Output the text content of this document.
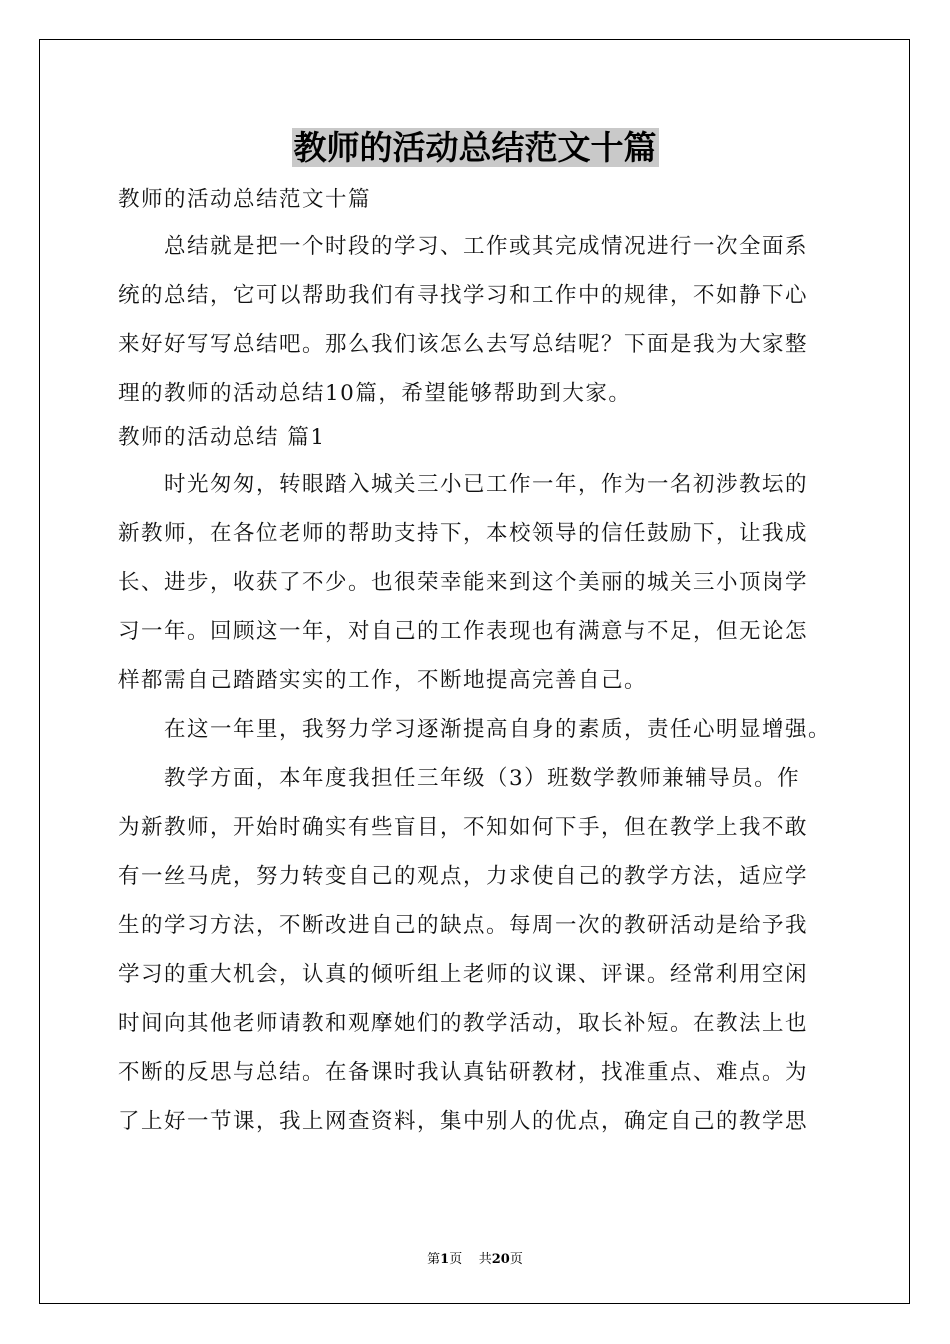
教师的活动总结范文十篇
教师的活动总结范文十篇
总结就是把一个时段的学习、工作或其完成情况进行一次全面系
统的总结，它可以帮助我们有寻找学习和工作中的规律，不如静下心
来好好写写总结吧。那么我们该怎么去写总结呢？下面是我为大家整
理的教师的活动总结10篇，希望能够帮助到大家。
教师的活动总结 篇1
时光匆匆，转眼踏入城关三小已工作一年，作为一名初涉教坛的
新教师，在各位老师的帮助支持下，本校领导的信任鼓励下，让我成
长、进步，收获了不少。也很荣幸能来到这个美丽的城关三小顶岗学
习一年。回顾这一年，对自己的工作表现也有满意与不足，但无论怎
样都需自己踏踏实实的工作，不断地提高完善自己。
在这一年里，我努力学习逐渐提高自身的素质，责任心明显增强。
教学方面，本年度我担任三年级（3）班数学教师兼辅导员。作
为新教师，开始时确实有些盲目，不知如何下手，但在教学上我不敢
有一丝马虎，努力转变自己的观点，力求使自己的教学方法，适应学
生的学习方法，不断改进自己的缺点。每周一次的教研活动是给予我
学习的重大机会，认真的倾听组上老师的议课、评课。经常利用空闲
时间向其他老师请教和观摩她们的教学活动，取长补短。在教法上也
不断的反思与总结。在备课时我认真钻研教材，找准重点、难点。为
了上好一节课，我上网查资料，集中别人的优点，确定自己的教学思
第1页    共20页
